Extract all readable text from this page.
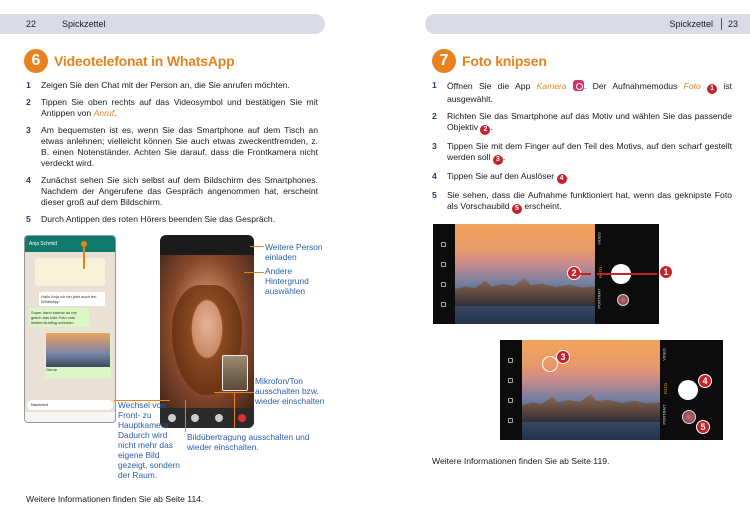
22	Spickzettel
6 Videotelefonat in WhatsApp
1	Zeigen Sie den Chat mit der Person an, die Sie anrufen möchten.
2	Tippen Sie oben rechts auf das Videosymbol und bestätigen Sie mit Antippen von Anruf.
3	Am bequemsten ist es, wenn Sie das Smartphone auf dem Tisch an etwas anlehnen; vielleicht können Sie auch etwas zweckentfremden, z. B. einen Notenständer. Achten Sie darauf, dass die Frontkamera nicht verdeckt wird.
4	Zunächst sehen Sie sich selbst auf dem Bildschirm des Smartphones. Nachdem der Angerufene das Gespräch angenommen hat, erscheint dieser groß auf dem Bildschirm.
5	Durch Antippen des roten Hörers beenden Sie das Gespräch.
Anja Schmid
Hallo Anja ich bin jetzt auch bei WhatsApp
Super dann kannst du mir gleich das tolle Foto vom letzten Ausflug schicken
Gerne
Nachricht
Weitere Person einladen
Andere Hintergrund auswählen
Mikrofon/Ton ausschalten bzw. wieder einschalten
Wechsel von Front- zu Hauptkamera: Dadurch wird nicht mehr das eigene Bild gezeigt, sondern der Raum.
Bildübertragung ausschalten und wieder einschalten.
Weitere Informationen finden Sie ab Seite 114.
Spickzettel 23
7 Foto knipsen
1	Öffnen Sie die App Kamera . Der Aufnahmemodus Foto 1 ist ausgewählt.
2	Richten Sie das Smartphone auf das Motiv und wählen Sie das passende Objektiv 2 .
3	Tippen Sie mit dem Finger auf den Teil des Motivs, auf den scharf gestellt werden soll 3 .
4	Tippen Sie auf den Auslöser 4 .
5	Sie sehen, dass die Aufnahme funktioniert hat, wenn das geknipste Foto als Vorschaubild 5 erscheint.
VIDEO
PORTRAIT
2	1
VIDEO
FOTO
PORTRAIT
3
4
5
Weitere Informationen finden Sie ab Seite 119.
